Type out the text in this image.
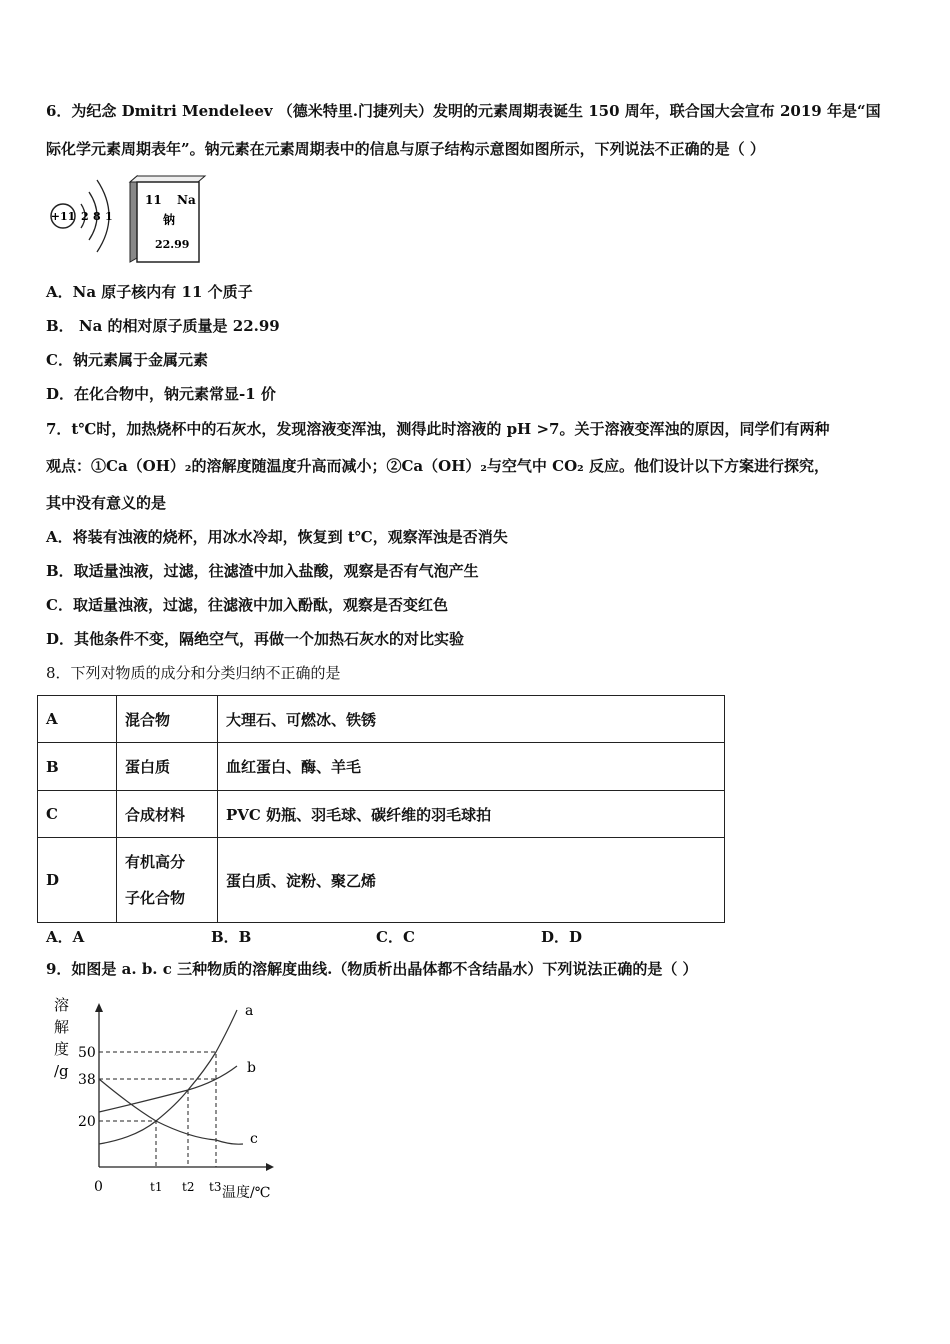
6．为纪念 Dmitri Mendeleev （德米特里.门捷列夫）发明的元素周期表诞生 150 周年，联合国大会宣布 2019 年是“国
际化学元素周期表年”。钠元素在元素周期表中的信息与原子结构示意图如图所示，下列说法不正确的是（ ）
+11 2 8 1
11 Na
钠
22.99
A．Na 原子核内有 11 个质子
B． Na 的相对原子质量是 22.99
C．钠元素属于金属元素
D．在化合物中，钠元素常显-1 价
7．t℃时，加热烧杯中的石灰水，发现溶液变浑浊，测得此时溶液的 pH >7。关于溶液变浑浊的原因，同学们有两种
观点：①Ca（OH）₂的溶解度随温度升高而减小；②Ca（OH）₂与空气中 CO₂ 反应。他们设计以下方案进行探究，
其中没有意义的是
A．将装有浊液的烧杯，用冰水冷却，恢复到 t℃，观察浑浊是否消失
B．取适量浊液，过滤，往滤渣中加入盐酸，观察是否有气泡产生
C．取适量浊液，过滤，往滤液中加入酚酞，观察是否变红色
D．其他条件不变，隔绝空气，再做一个加热石灰水的对比实验
8．下列对物质的成分和分类归纳不正确的是
A	混合物	大理石、可燃冰、铁锈
B	蛋白质	血红蛋白、酶、羊毛
C	合成材料	PVC 奶瓶、羽毛球、碳纤维的羽毛球拍
D	有机高分
子化合物	蛋白质、淀粉、聚乙烯
A．A	B．B	C．C	D．D
9．如图是 a. b. c 三种物质的溶解度曲线.（物质析出晶体都不含结晶水）下列说法正确的是（ ）
溶
解
度
/g
50
38
20
0	t1 t2 t3 温度/℃
a
b
c
